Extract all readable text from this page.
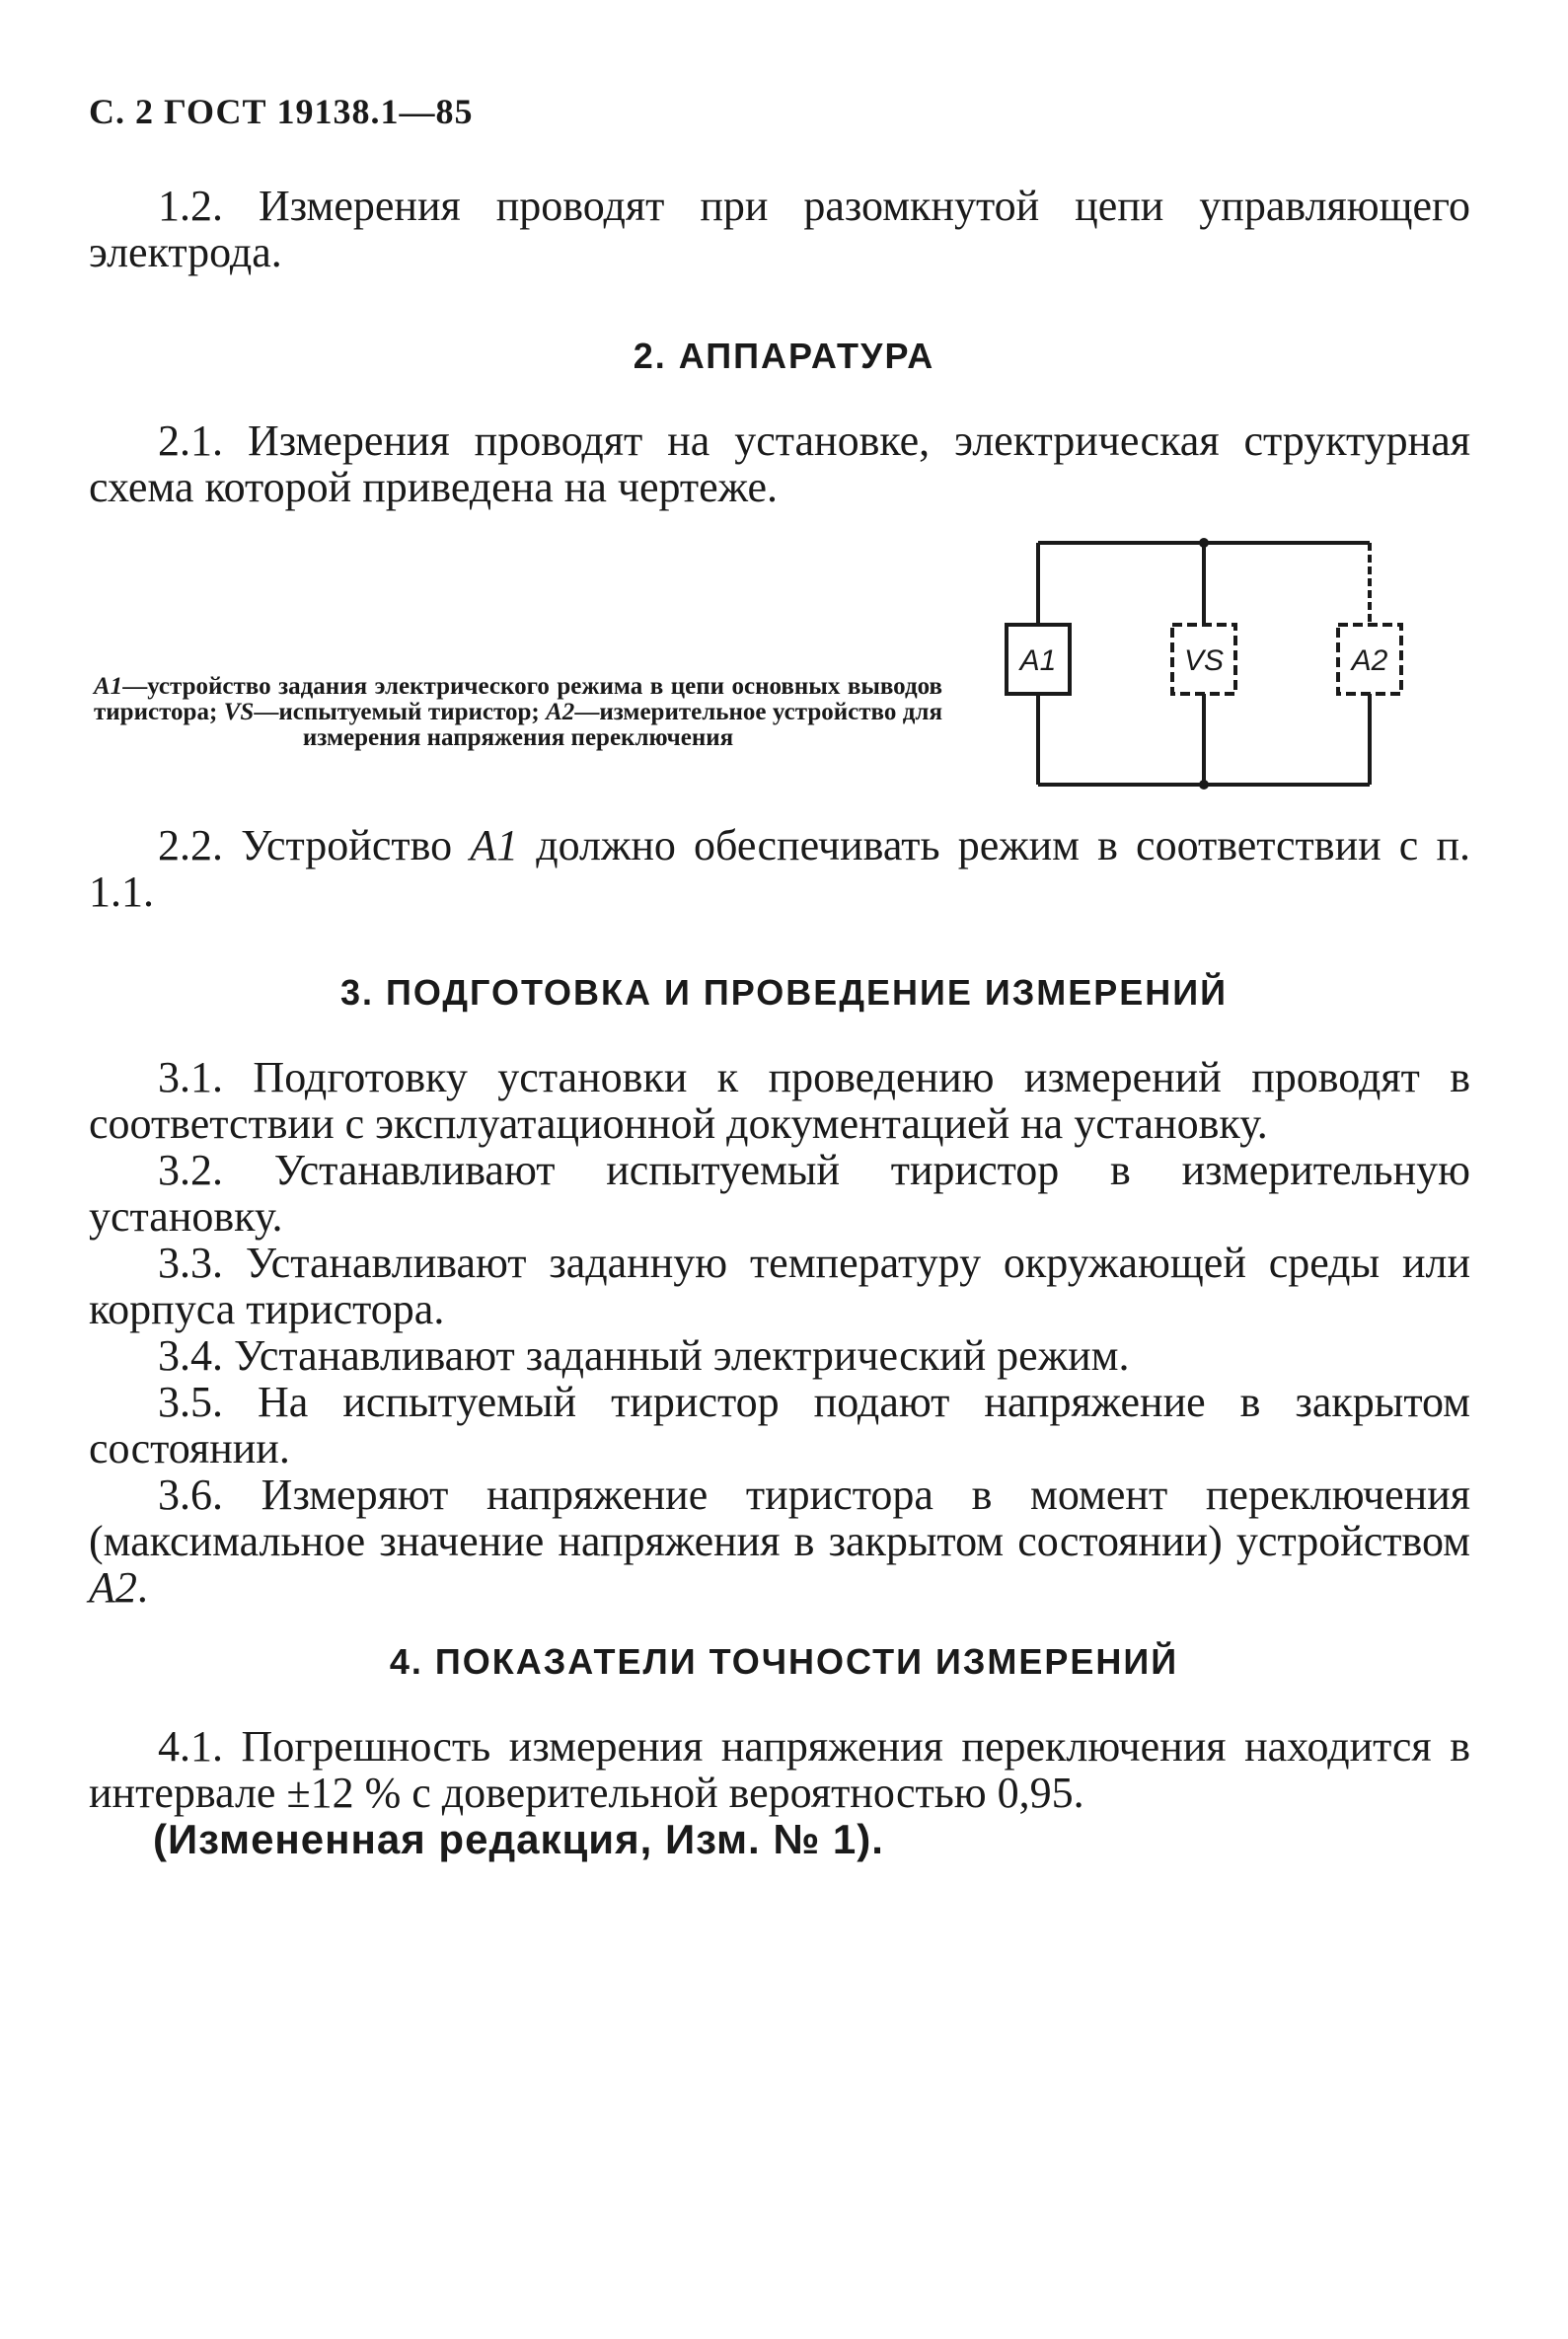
С. 2 ГОСТ 19138.1—85
1.2. Измерения проводят при разомкнутой цепи управляющего электрода.
2. АППАРАТУРА
2.1. Измерения проводят на установке, электрическая структурная схема которой приведена на чертеже.
А1—устройство задания электрического режима в цепи основных выводов тиристора; VS—испытуемый тиристор; А2—измерительное устройство для измерения напряжения переключения
A1	VS	A2
2.2. Устройство А1 должно обеспечивать режим в соответствии с п. 1.1.
3. ПОДГОТОВКА И ПРОВЕДЕНИЕ ИЗМЕРЕНИЙ
3.1. Подготовку установки к проведению измерений проводят в соответствии с эксплуатационной документацией на установку.
3.2. Устанавливают испытуемый тиристор в измерительную установку.
3.3. Устанавливают заданную температуру окружающей среды или корпуса тиристора.
3.4. Устанавливают заданный электрический режим.
3.5. На испытуемый тиристор подают напряжение в закрытом состоянии.
3.6. Измеряют напряжение тиристора в момент переключения (максимальное значение напряжения в закрытом состоянии) устройством А2.
4. ПОКАЗАТЕЛИ ТОЧНОСТИ ИЗМЕРЕНИЙ
4.1. Погрешность измерения напряжения переключения находится в интервале ±12 % с доверительной вероятностью 0,95.
(Измененная редакция, Изм. № 1).
